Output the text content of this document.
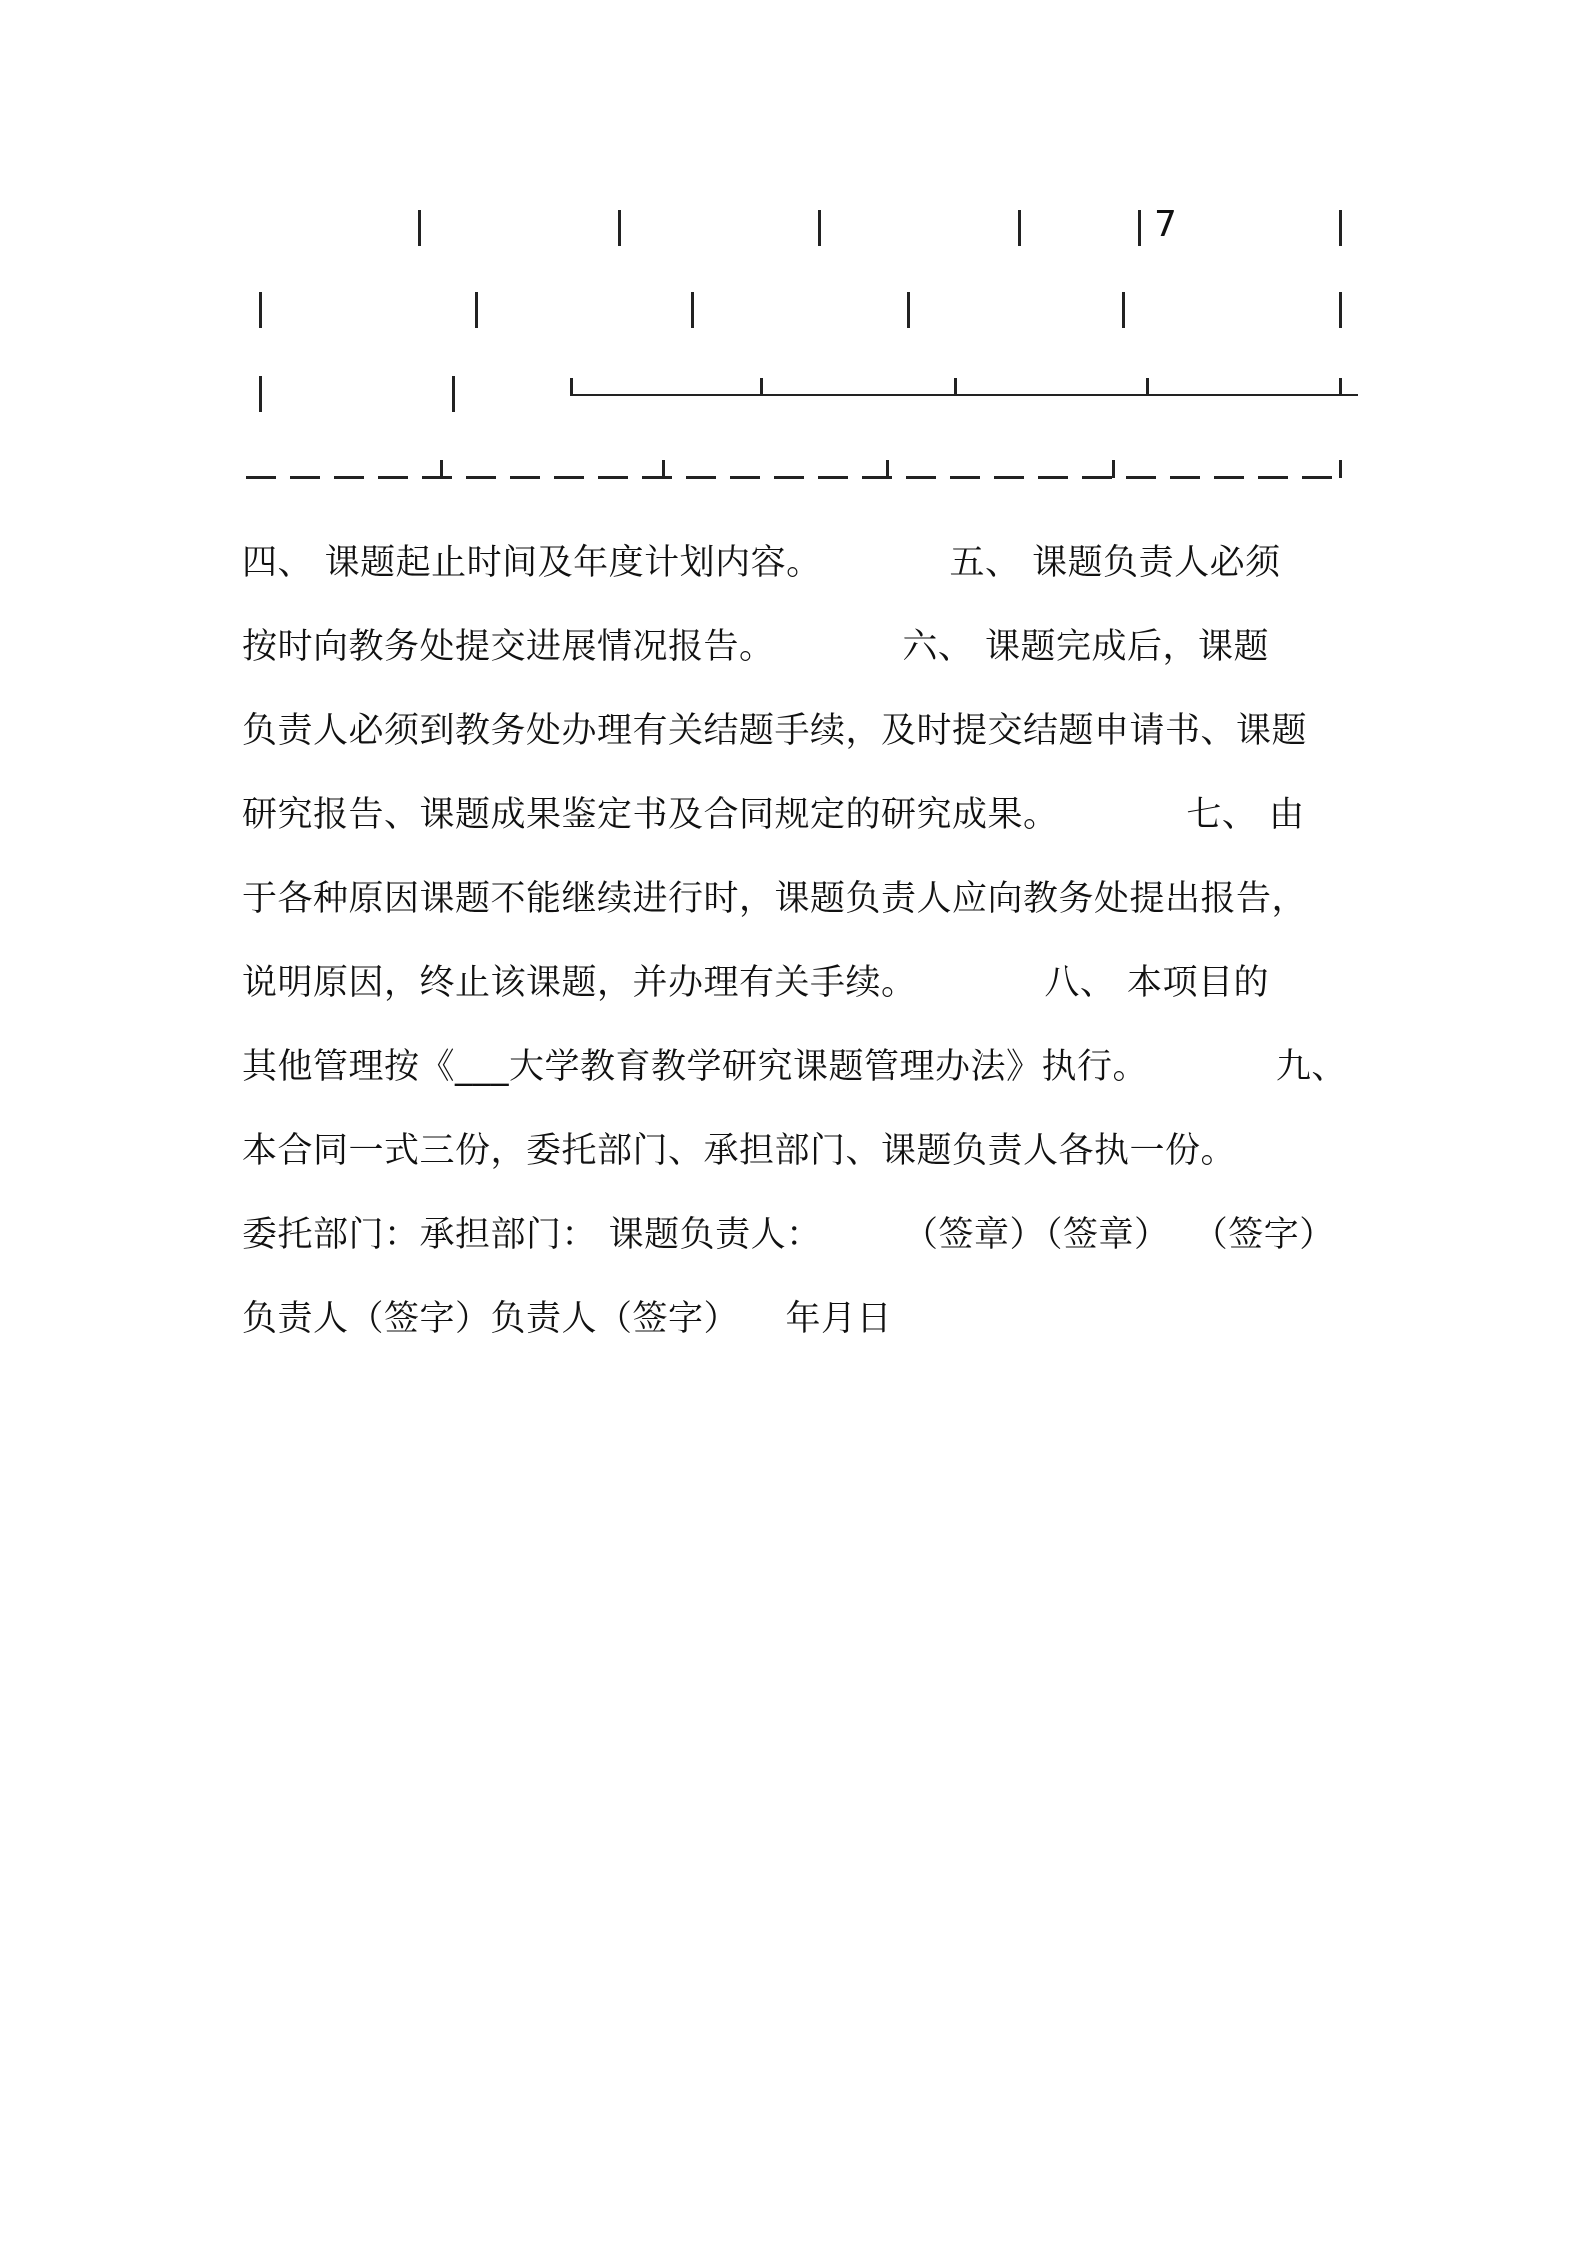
7
四、 课题起止时间及年度计划内容。           五、 课题负责人必须
按时向教务处提交进展情况报告。           六、 课题完成后，课题
负责人必须到教务处办理有关结题手续，及时提交结题申请书、课题
研究报告、课题成果鉴定书及合同规定的研究成果。           七、 由
于各种原因课题不能继续进行时，课题负责人应向教务处提出报告，
说明原因，终止该课题，并办理有关手续。           八、 本项目的
其他管理按《___大学教育教学研究课题管理办法》执行。           九、
本合同一式三份，委托部门、承担部门、课题负责人各执一份。
委托部门：承担部门： 课题负责人：       （签章）（签章）  （签字）
负责人（签字）负责人（签字）    年月日
